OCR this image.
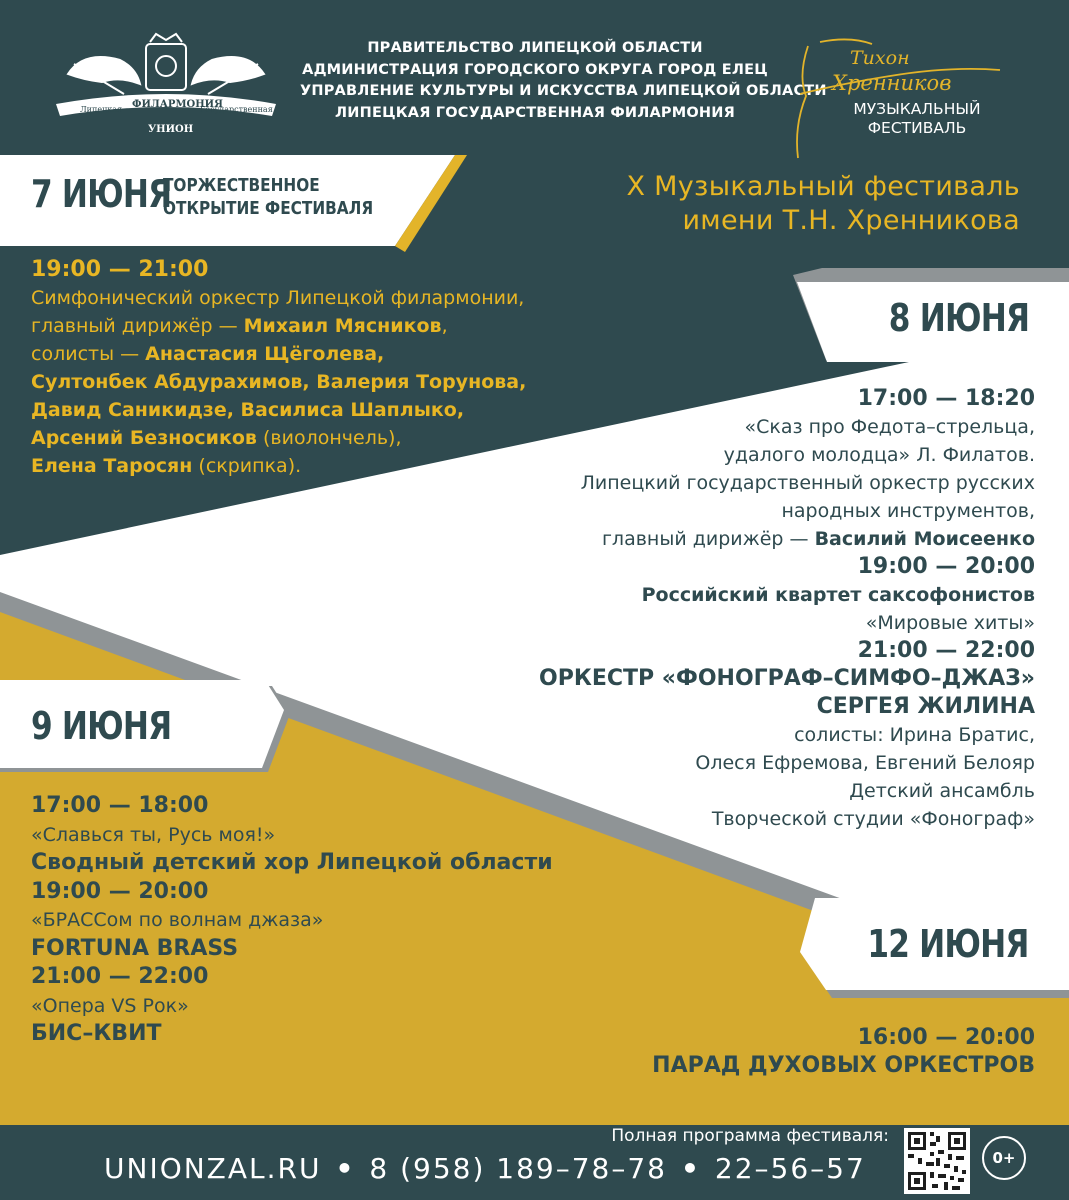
Липецкая ФИЛАРМОНИЯ
Государственная
УНИОН
ПРАВИТЕЛЬСТВО ЛИПЕЦКОЙ ОБЛАСТИ
АДМИНИСТРАЦИЯ ГОРОДСКОГО ОКРУГА ГОРОД ЕЛЕЦ
УПРАВЛЕНИЕ КУЛЬТУРЫ И ИСКУССТВА ЛИПЕЦКОЙ ОБЛАСТИ
ЛИПЕЦКАЯ ГОСУДАРСТВЕННАЯ ФИЛАРМОНИЯ
Тихон
Хренников
МУЗЫКАЛЬНЫЙ
ФЕСТИВАЛЬ
7 ИЮНЯ
ТОРЖЕСТВЕННОЕ
ОТКРЫТИЕ ФЕСТИВАЛЯ
X Музыкальный фестиваль
имени Т.Н. Хренникова
19:00 — 21:00
Симфонический оркестр Липецкой филармонии,
главный дирижёр — Михаил Мясников,
солисты — Анастасия Щёголева,
Султонбек Абдурахимов, Валерия Торунова,
Давид Саникидзе, Василиса Шаплыко,
Арсений Безносиков (виолончель),
Елена Таросян (скрипка).
8 ИЮНЯ
17:00 — 18:20
«Сказ про Федота–стрельца,
удалого молодца» Л. Филатов.
Липецкий государственный оркестр русских
народных инструментов,
главный дирижёр — Василий Моисеенко
19:00 — 20:00
Российский квартет саксофонистов
«Мировые хиты»
21:00 — 22:00
ОРКЕСТР «ФОНОГРАФ–СИМФО–ДЖАЗ»
СЕРГЕЯ ЖИЛИНА
солисты: Ирина Братис,
Олеся Ефремова, Евгений Белояр
Детский ансамбль
Творческой студии «Фонограф»
9 ИЮНЯ
17:00 — 18:00
«Славься ты, Русь моя!»
Сводный детский хор Липецкой области
19:00 — 20:00
«БРАССом по волнам джаза»
FORTUNA BRASS
21:00 — 22:00
«Опера VS Рок»
БИС–КВИТ
12 ИЮНЯ
16:00 — 20:00
ПАРАД ДУХОВЫХ ОРКЕСТРОВ
Полная программа фестиваля:
UNIONZAL.RU • 8 (958) 189–78–78 • 22–56–57	0+
